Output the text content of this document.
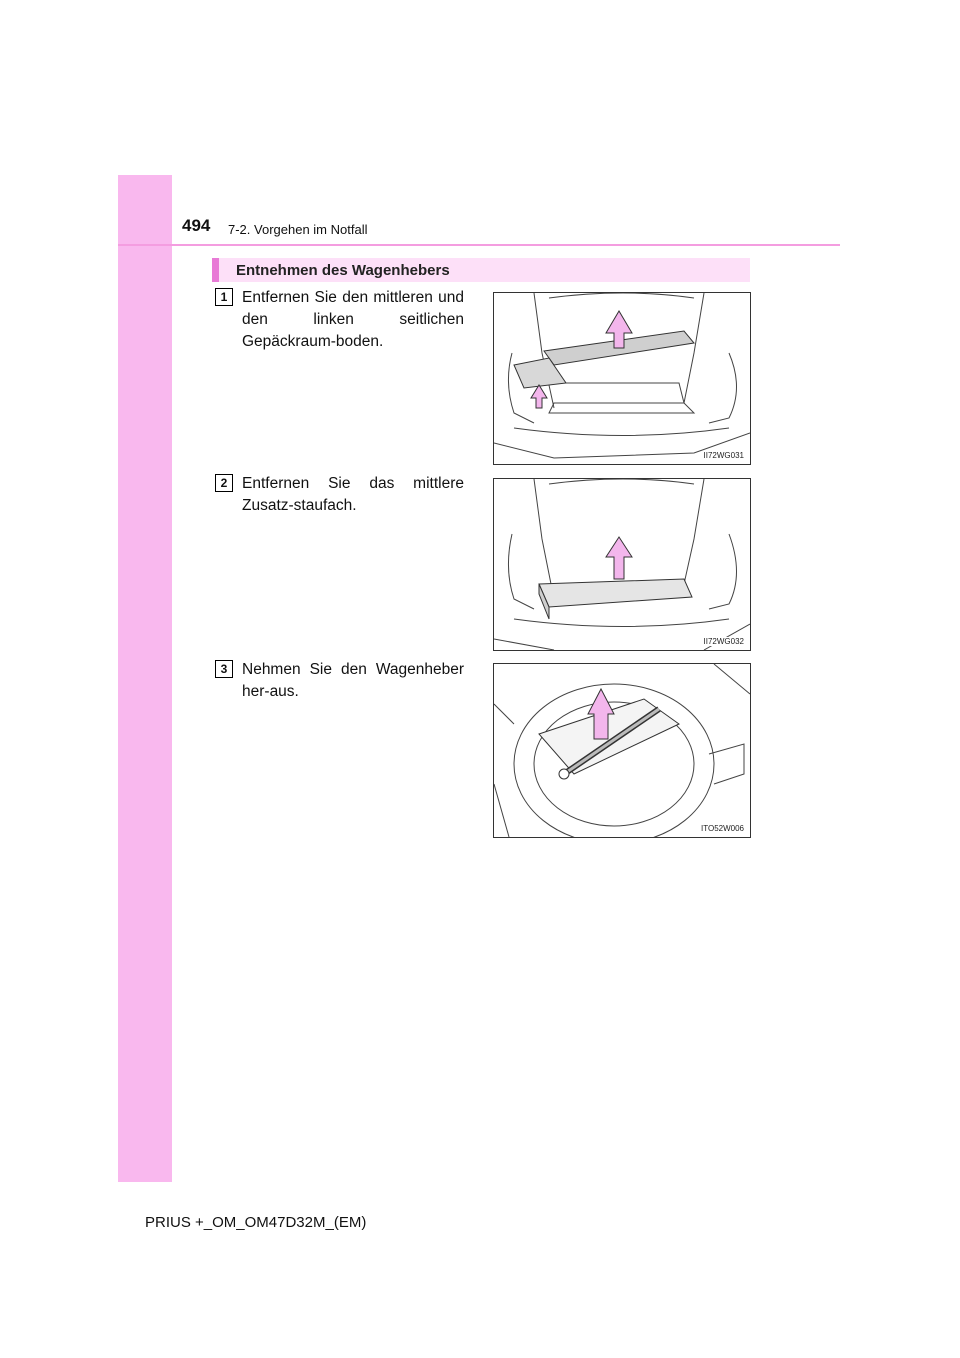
494 7-2. Vorgehen im Notfall
Entnehmen des Wagenhebers
1 Entfernen Sie den mittleren und den linken seitlichen Gepäckraum-boden.
II72WG031
2 Entfernen Sie das mittlere Zusatz-staufach.
II72WG032
3 Nehmen Sie den Wagenheber her-aus.
ITO52W006
PRIUS +_OM_OM47D32M_(EM)
